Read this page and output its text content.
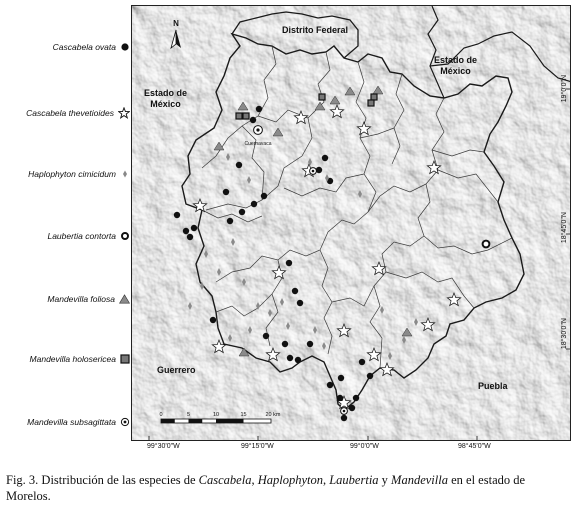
Cascabela ovata
Cascabela thevetioides
Haplophyton cimicidum
Laubertia contorta
Mandevilla foliosa
Mandevilla holosericea
Mandevilla subsagittata
Cuernavaca
N
0	5	10	15	20 km
Distrito Federal
Estado de
México
Estado de
México
Guerrero
Puebla
19°0'0"N
18°45'0"N
18°30'0"N
99°30'0"W	99°15'0"W	99°0'0"W	98°45'0"W
Fig. 3. Distribución de las especies de Cascabela, Haplophyton, Laubertia y Mandevilla en el estado de Morelos.
